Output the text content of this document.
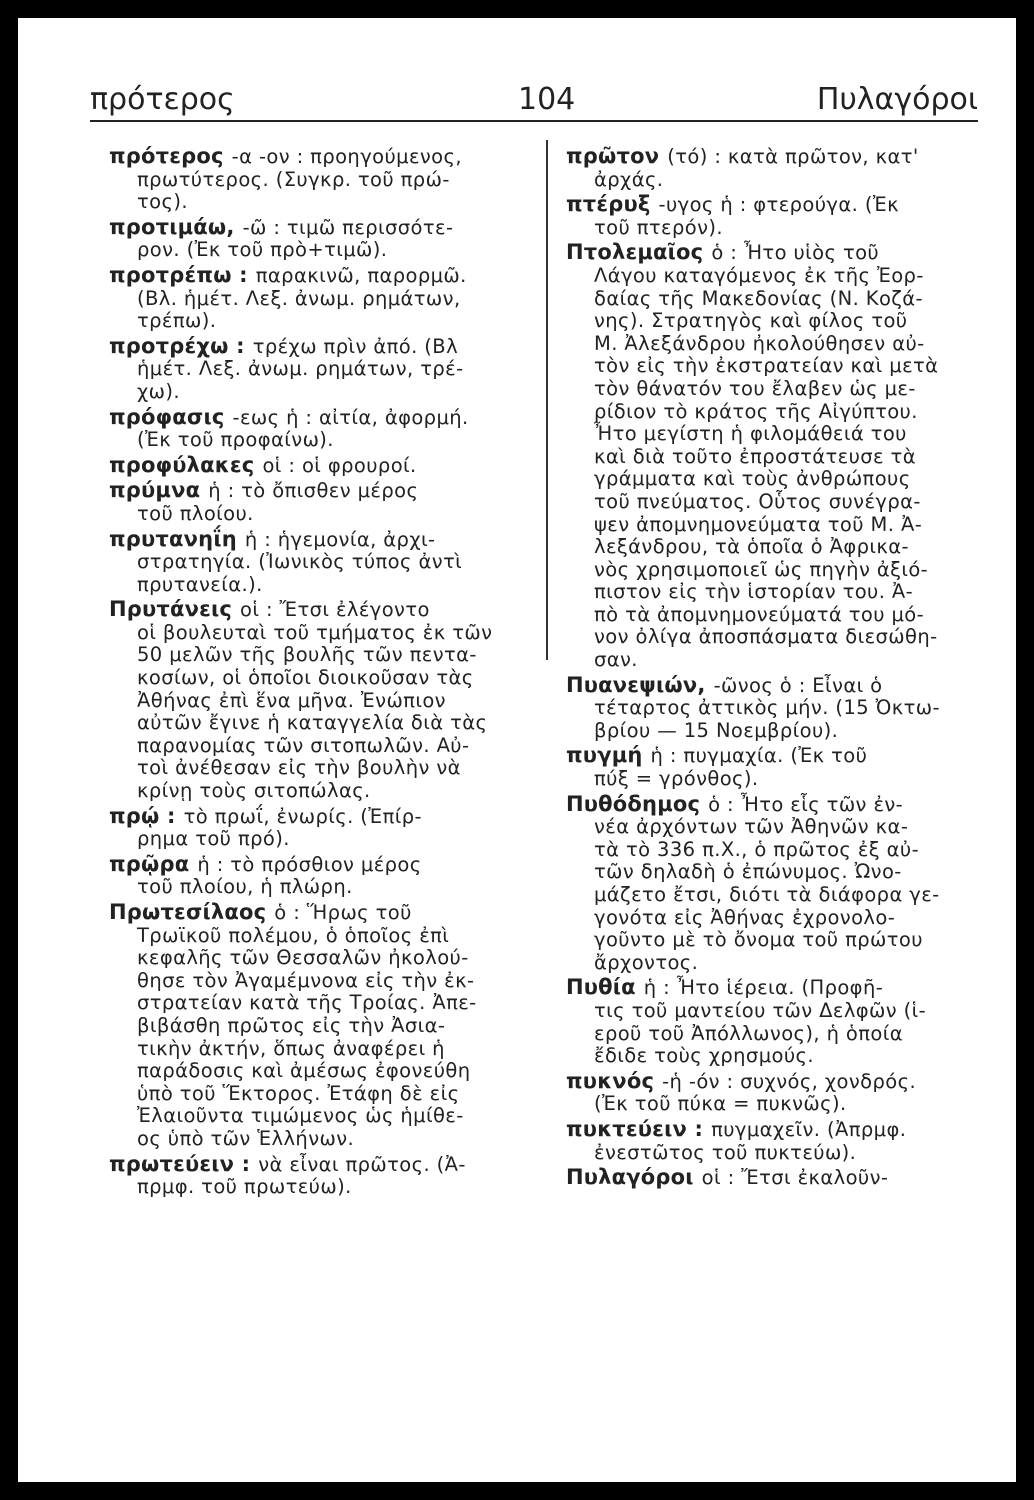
πρότερος	104	Πυλαγόροι

πρότερος -α -ον : προηγούμενος,

πρωτύτερος. (Συγκρ. τοῦ πρώ-

τος).

προτιμάω, -ῶ : τιμῶ περισσότε-

ρον. (Ἐκ τοῦ πρὸ+τιμῶ).

προτρέπω : παρακινῶ, παρορμῶ.

(Βλ. ἡμέτ. Λεξ. ἀνωμ. ρημάτων,

τρέπω).

προτρέχω : τρέχω πρὶν ἀπό. (Βλ

ἡμέτ. Λεξ. ἀνωμ. ρημάτων, τρέ-

χω).

πρόφασις -εως ἡ : αἰτία, ἀφορμή.

(Ἐκ τοῦ προφαίνω).

προφύλακες οἱ : οἱ φρουροί.

πρύμνα ἡ : τὸ ὄπισθεν μέρος

τοῦ πλοίου.

πρυτανηΐη ἡ : ἡγεμονία, ἀρχι-

στρατηγία. (Ἰωνικὸς τύπος ἀντὶ

πρυτανεία.).

Πρυτάνεις οἱ : Ἔτσι ἐλέγοντο

οἱ βουλευταὶ τοῦ τμήματος ἐκ τῶν

50 μελῶν τῆς βουλῆς τῶν πεντα-

κοσίων, οἱ ὁποῖοι διοικοῦσαν τὰς

Ἀθήνας ἐπὶ ἕνα μῆνα. Ἐνώπιον

αὐτῶν ἔγινε ἡ καταγγελία διὰ τὰς

παρανομίας τῶν σιτοπωλῶν. Αὐ-

τοὶ ἀνέθεσαν εἰς τὴν βουλὴν νὰ

κρίνῃ τοὺς σιτοπώλας.

πρῴ : τὸ πρωΐ, ἐνωρίς. (Ἐπίρ-

ρημα τοῦ πρό).

πρῷρα ἡ : τὸ πρόσθιον μέρος

τοῦ πλοίου, ἡ πλώρη.

Πρωτεσίλαος ὁ : Ἥρως τοῦ

Τρωϊκοῦ πολέμου, ὁ ὁποῖος ἐπὶ

κεφαλῆς τῶν Θεσσαλῶν ἠκολού-

θησε τὸν Ἀγαμέμνονα εἰς τὴν ἐκ-

στρατείαν κατὰ τῆς Τροίας. Ἀπε-

βιβάσθη πρῶτος εἰς τὴν Ἀσια-

τικὴν ἀκτήν, ὅπως ἀναφέρει ἡ

παράδοσις καὶ ἀμέσως ἐφονεύθη

ὑπὸ τοῦ Ἕκτορος. Ἐτάφη δὲ εἰς

Ἐλαιοῦντα τιμώμενος ὡς ἡμίθε-

ος ὑπὸ τῶν Ἑλλήνων.

πρωτεύειν : νὰ εἶναι πρῶτος. (Ἀ-

πρμφ. τοῦ πρωτεύω).

πρῶτον (τό) : κατὰ πρῶτον, κατ'

ἀρχάς.

πτέρυξ -υγος ἡ : φτερούγα. (Ἐκ

τοῦ πτερόν).

Πτολεμαῖος ὁ : Ἦτο υἱὸς τοῦ

Λάγου καταγόμενος ἐκ τῆς Ἐορ-

δαίας τῆς Μακεδονίας (Ν. Κοζά-

νης). Στρατηγὸς καὶ φίλος τοῦ

Μ. Ἀλεξάνδρου ἠκολούθησεν αὐ-

τὸν εἰς τὴν ἐκστρατείαν καὶ μετὰ

τὸν θάνατόν του ἔλαβεν ὡς με-

ρίδιον τὸ κράτος τῆς Αἰγύπτου.

Ἦτο μεγίστη ἡ φιλομάθειά του

καὶ διὰ τοῦτο ἐπροστάτευσε τὰ

γράμματα καὶ τοὺς ἀνθρώπους

τοῦ πνεύματος. Οὗτος συνέγρα-

ψεν ἀπομνημονεύματα τοῦ Μ. Ἀ-

λεξάνδρου, τὰ ὁποῖα ὁ Ἀφρικα-

νὸς χρησιμοποιεῖ ὡς πηγὴν ἀξιό-

πιστον εἰς τὴν ἱστορίαν του. Ἀ-

πὸ τὰ ἀπομνημονεύματά του μό-

νον ὀλίγα ἀποσπάσματα διεσώθη-

σαν.

Πυανεψιών, -ῶνος ὁ : Εἶναι ὁ

τέταρτος ἀττικὸς μήν. (15 Ὀκτω-

βρίου — 15 Νοεμβρίου).

πυγμή ἡ : πυγμαχία. (Ἐκ τοῦ

πύξ = γρόνθος).

Πυθόδημος ὁ : Ἦτο εἷς τῶν ἐν-

νέα ἀρχόντων τῶν Ἀθηνῶν κα-

τὰ τὸ 336 π.Χ., ὁ πρῶτος ἐξ αὐ-

τῶν δηλαδὴ ὁ ἐπώνυμος. Ὠνο-

μάζετο ἔτσι, διότι τὰ διάφορα γε-

γονότα εἰς Ἀθήνας ἐχρονολο-

γοῦντο μὲ τὸ ὄνομα τοῦ πρώτου

ἄρχοντος.

Πυθία ἡ : Ἦτο ἱέρεια. (Προφῆ-

τις τοῦ μαντείου τῶν Δελφῶν (ἱ-

εροῦ τοῦ Ἀπόλλωνος), ἡ ὁποία

ἔδιδε τοὺς χρησμούς.

πυκνός -ἡ -όν : συχνός, χονδρός.

(Ἐκ τοῦ πύκα = πυκνῶς).

πυκτεύειν : πυγμαχεῖν. (Ἀπρμφ.

ἐνεστῶτος τοῦ πυκτεύω).

Πυλαγόροι οἱ : Ἔτσι ἐκαλοῦν-
